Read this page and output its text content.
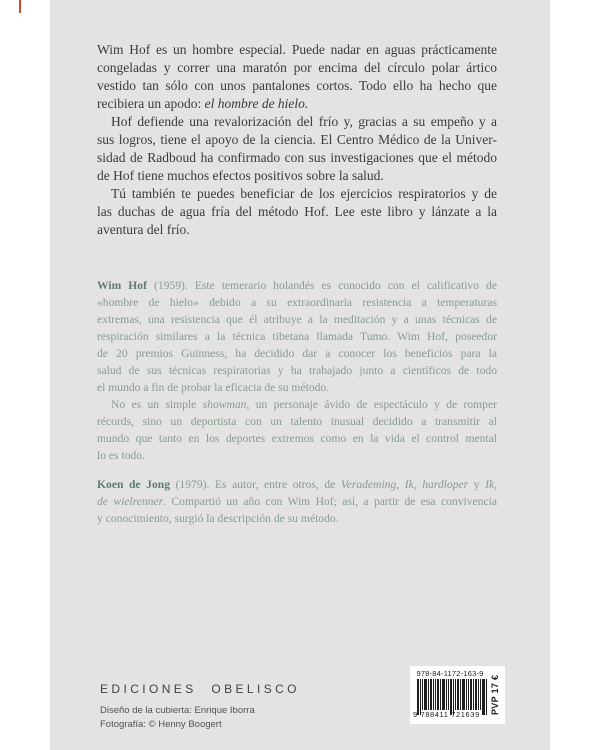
Wim Hof es un hombre especial. Puede nadar en aguas prácticamente
congeladas y correr una maratón por encima del círculo polar ártico
vestido tan sólo con unos pantalones cortos. Todo ello ha hecho que
recibiera un apodo: el hombre de hielo.
Hof defiende una revalorización del frío y, gracias a su empeño y a
sus logros, tiene el apoyo de la ciencia. El Centro Médico de la Univer-
sidad de Radboud ha confirmado con sus investigaciones que el método
de Hof tiene muchos efectos positivos sobre la salud.
Tú también te puedes beneficiar de los ejercicios respiratorios y de
las duchas de agua fría del método Hof. Lee este libro y lánzate a la
aventura del frío.
Wim Hof (1959). Este temerario holandés es conocido con el calificativo de
«hombre de hielo» debido a su extraordinaria resistencia a temperaturas
extremas, una resistencia que él atribuye a la meditación y a unas técnicas de
respiración similares a la técnica tibetana llamada Tumo. Wim Hof, poseedor
de 20 premios Guinness, ha decidido dar a conocer los beneficios para la
salud de sus técnicas respiratorias y ha trabajado junto a científicos de todo
el mundo a fin de probar la eficacia de su método.
No es un simple showman, un personaje ávido de espectáculo y de romper
récords, sino un deportista con un talento inusual decidido a transmitir al
mundo que tanto en los deportes extremos como en la vida el control mental
lo es todo.
Koen de Jong (1979). Es autor, entre otros, de Verademing, Ik, hardloper y Ik,
de wielrenner. Compartió un año con Wim Hof; así, a partir de esa convivencia
y conocimiento, surgió la descripción de su método.
EDICIONES OBELISCO
Diseño de la cubierta: Enrique Iborra
Fotografía: © Henny Boogert
978-84-1172-163-9
9 788411 721639	PVP 17 €
